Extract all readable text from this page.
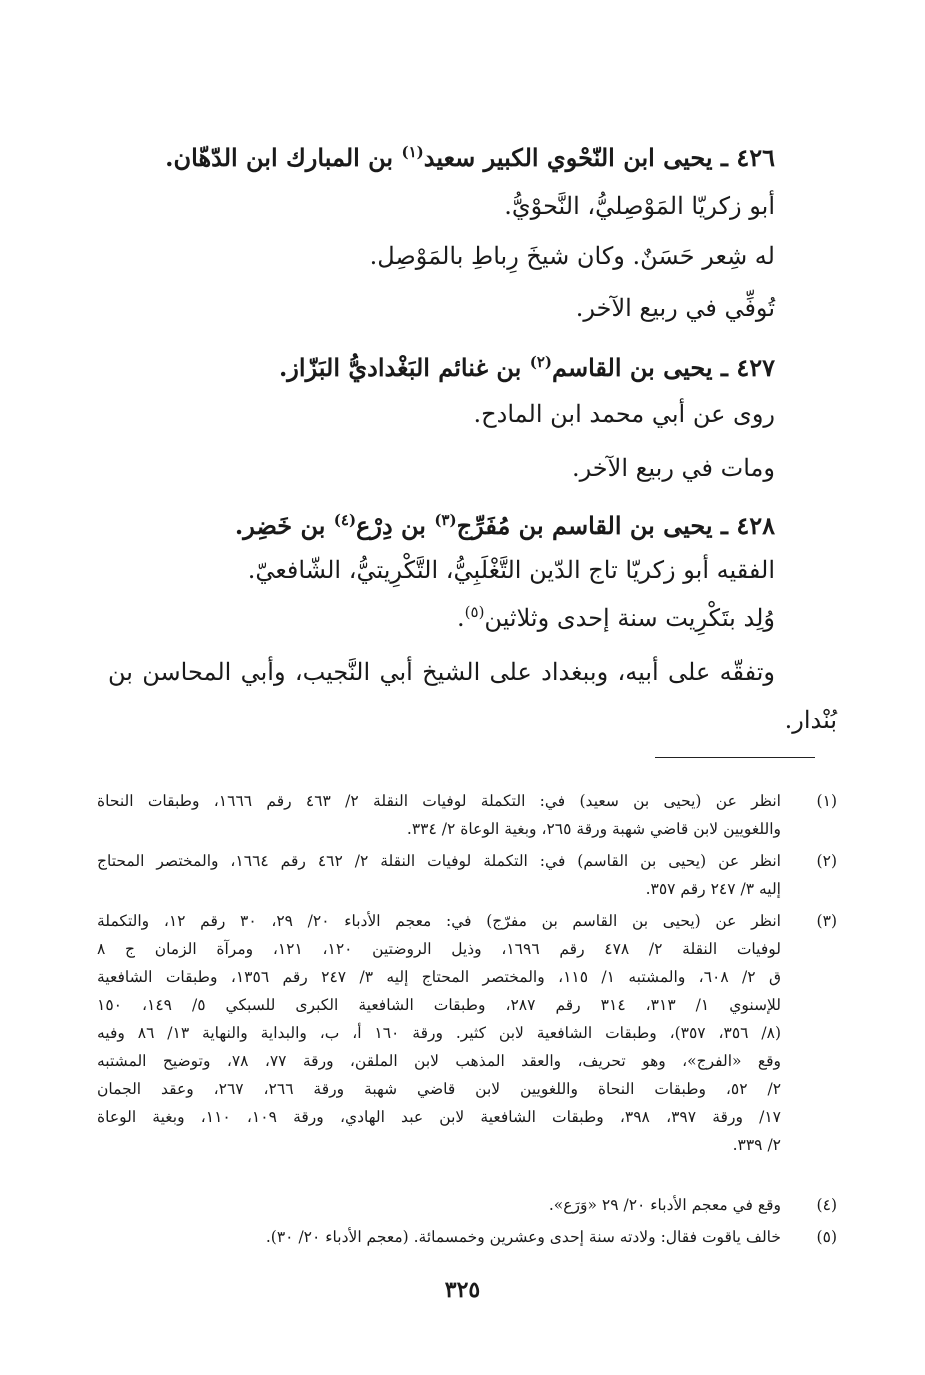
٤٢٦ ـ يحيى ابن النّحْوي الكبير سعيد$^{(١)}$ بن المبارك ابن الدّهّان.
أبو زكريّا المَوْصِليُّ، النَّحوْيُّ.
له شِعر حَسَنٌ. وكان شيخَ رِباطِ بالمَوْصِل.
تُوفِّي في ربيع الآخر.
٤٢٧ ـ يحيى بن القاسم$^{(٢)}$ بن غنائم البَغْداديُّ البَزّاز.
روى عن أبي محمد ابن المادح.
ومات في ربيع الآخر.
٤٢٨ ـ يحيى بن القاسم بن مُفَرِّج$^{(٣)}$ بن دِرْع$^{(٤)}$ بن خَضِر.
الفقيه أبو زكريّا تاج الدّين التَّغْلَبِيُّ، التَّكْرِيتيُّ، الشّافعيّ.
وُلِد بتَكْرِيت سنة إحدى وثلاثين$^{(٥)}$.
وتفقّه على أبيه، وببغداد على الشيخ أبي النَّجيب، وأبي المحاسن بن
بُنْدار.
(١)
انظر عن (يحيى بن سعيد) في: التكملة لوفيات النقلة ٢/ ٤٦٣ رقم ١٦٦٦، وطبقات النحاة
واللغويين لابن قاضي شهبة ورقة ٢٦٥، وبغية الوعاة ٢/ ٣٣٤.
(٢)
انظر عن (يحيى بن القاسم) في: التكملة لوفيات النقلة ٢/ ٤٦٢ رقم ١٦٦٤، والمختصر المحتاج
إليه ٣/ ٢٤٧ رقم ٣٥٧.
(٣)
انظر عن (يحيى بن القاسم بن مفرّج) في: معجم الأدباء ٢٠/ ٢٩، ٣٠ رقم ١٢، والتكملة
لوفيات النقلة ٢/ ٤٧٨ رقم ١٦٩٦، وذيل الروضتين ١٢٠، ١٢١، ومرآة الزمان ج ٨
ق ٢/ ٦٠٨، والمشتبه ١/ ١١٥، والمختصر المحتاج إليه ٣/ ٢٤٧ رقم ١٣٥٦، وطبقات الشافعية
للإسنوي ١/ ٣١٣، ٣١٤ رقم ٢٨٧، وطبقات الشافعية الكبرى للسبكي ٥/ ١٤٩، ١٥٠
(٨/ ٣٥٦، ٣٥٧)، وطبقات الشافعية لابن كثير. ورقة ١٦٠ أ، ب، والبداية والنهاية ١٣/ ٨٦ وفيه
وقع «الفرج»، وهو تحريف، والعقد المذهب لابن الملقن، ورقة ٧٧، ٧٨، وتوضيح المشتبه
٢/ ٥٢، وطبقات النحاة واللغويين لابن قاضي شهبة ورقة ٢٦٦، ٢٦٧، وعقد الجمان
١٧/ ورقة ٣٩٧، ٣٩٨، وطبقات الشافعية لابن عبد الهادي، ورقة ١٠٩، ١١٠، وبغية الوعاة
٢/ ٣٣٩.
(٤)
وقع في معجم الأدباء ٢٠/ ٢٩ «وَرَع».
(٥)
خالف ياقوت فقال: ولادته سنة إحدى وعشرين وخمسمائة. (معجم الأدباء ٢٠/ ٣٠).
٣٢٥
